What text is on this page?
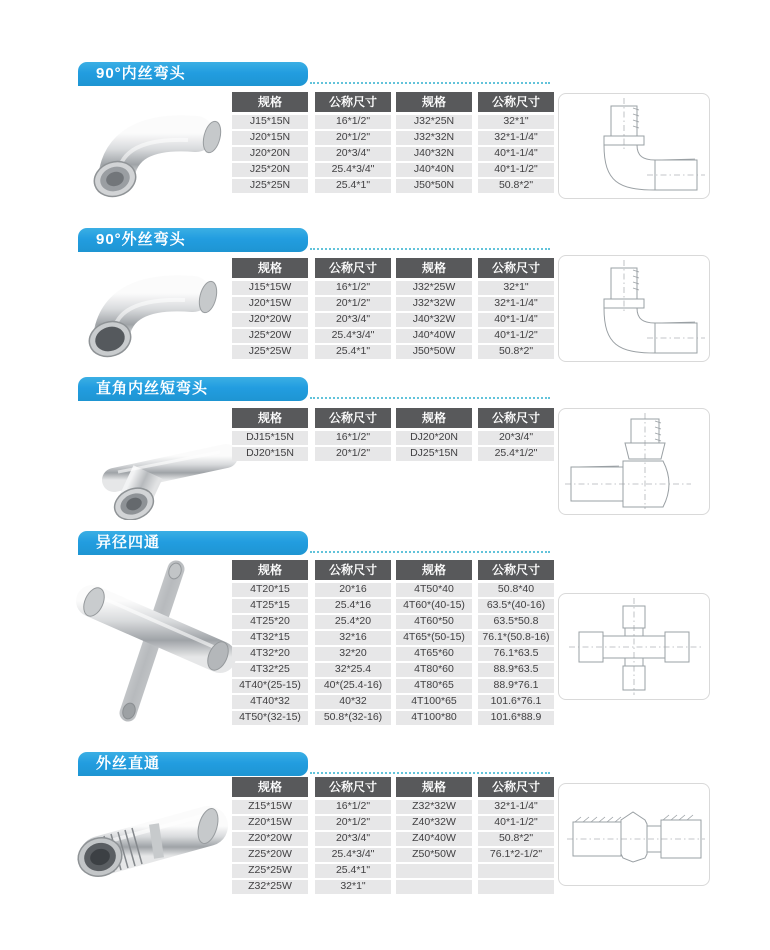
90°内丝弯头
规格
J15*15N
J20*15N
J20*20N
J25*20N
J25*25N
公称尺寸
16*1/2"
20*1/2"
20*3/4"
25.4*3/4"
25.4*1"
规格
J32*25N
J32*32N
J40*32N
J40*40N
J50*50N
公称尺寸
32*1"
32*1-1/4"
40*1-1/4"
40*1-1/2"
50.8*2"
90°外丝弯头
规格
J15*15W
J20*15W
J20*20W
J25*20W
J25*25W
公称尺寸
16*1/2"
20*1/2"
20*3/4"
25.4*3/4"
25.4*1"
规格
J32*25W
J32*32W
J40*32W
J40*40W
J50*50W
公称尺寸
32*1"
32*1-1/4"
40*1-1/4"
40*1-1/2"
50.8*2"
直角内丝短弯头
规格
DJ15*15N
DJ20*15N
公称尺寸
16*1/2"
20*1/2"
规格
DJ20*20N
DJ25*15N
公称尺寸
20*3/4"
25.4*1/2"
异径四通
规格
4T20*15
4T25*15
4T25*20
4T32*15
4T32*20
4T32*25
4T40*(25-15)
4T40*32
4T50*(32-15)
公称尺寸
20*16
25.4*16
25.4*20
32*16
32*20
32*25.4
40*(25.4-16)
40*32
50.8*(32-16)
规格
4T50*40
4T60*(40-15)
4T60*50
4T65*(50-15)
4T65*60
4T80*60
4T80*65
4T100*65
4T100*80
公称尺寸
50.8*40
63.5*(40-16)
63.5*50.8
76.1*(50.8-16)
76.1*63.5
88.9*63.5
88.9*76.1
101.6*76.1
101.6*88.9
外丝直通
规格
Z15*15W
Z20*15W
Z20*20W
Z25*20W
Z25*25W
Z32*25W
公称尺寸
16*1/2"
20*1/2"
20*3/4"
25.4*3/4"
25.4*1"
32*1"
规格
Z32*32W
Z40*32W
Z40*40W
Z50*50W
公称尺寸
32*1-1/4"
40*1-1/2"
50.8*2"
76.1*2-1/2"
